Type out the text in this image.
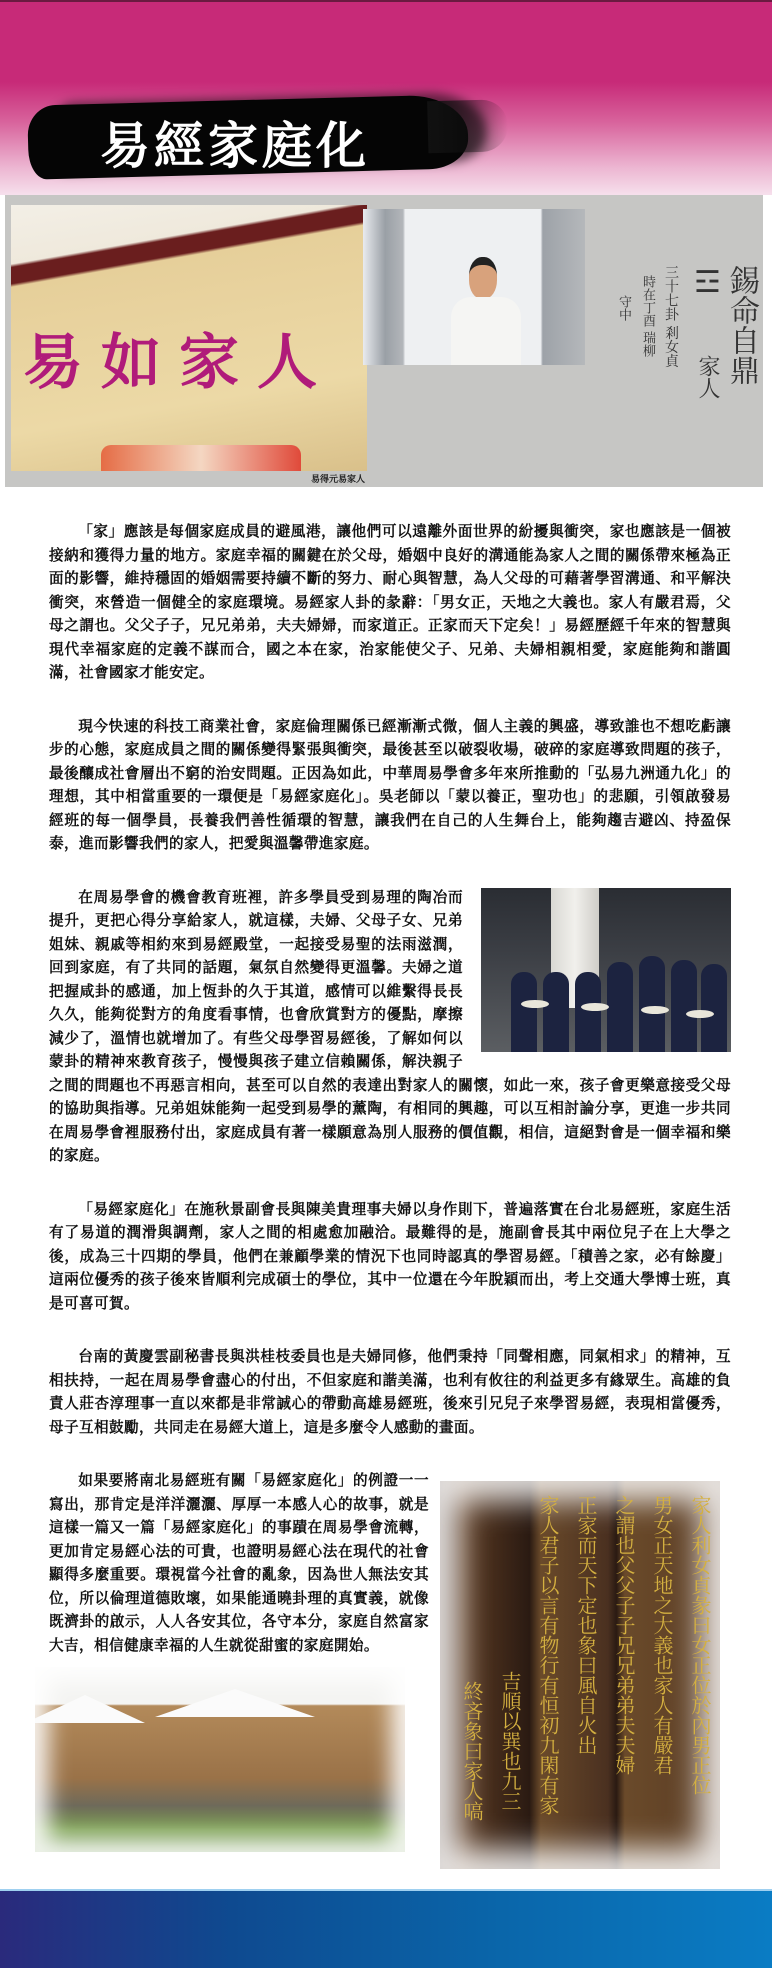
易經家庭化
易如家人
易得元易家人
錫命自鼎
☲
家人
三十七卦 剎女貞
時在丁酉 瑞柳
守中

「家」應該是每個家庭成員的避風港，讓他們可以遠離外面世界的紛擾與衝突，家也應該是一個被接納和獲得力量的地方。家庭幸福的關鍵在於父母，婚姻中良好的溝通能為家人之間的關係帶來極為正面的影響，維持穩固的婚姻需要持續不斷的努力、耐心與智慧，為人父母的可藉著學習溝通、和平解決衝突，來營造一個健全的家庭環境。易經家人卦的彖辭：「男女正，天地之大義也。家人有嚴君焉，父母之謂也。父父子子，兄兄弟弟，夫夫婦婦，而家道正。正家而天下定矣！」易經歷經千年來的智慧與現代幸福家庭的定義不謀而合，國之本在家，治家能使父子、兄弟、夫婦相親相愛，家庭能夠和諧圓滿，社會國家才能安定。

現今快速的科技工商業社會，家庭倫理關係已經漸漸式微，個人主義的興盛，導致誰也不想吃虧讓步的心態，家庭成員之間的關係變得緊張與衝突，最後甚至以破裂收場，破碎的家庭導致問題的孩子，最後釀成社會層出不窮的治安問題。正因為如此，中華周易學會多年來所推動的「弘易九洲通九化」的理想，其中相當重要的一環便是「易經家庭化」。吳老師以「蒙以養正，聖功也」的悲願，引領啟發易經班的每一個學員，長養我們善性循環的智慧，讓我們在自己的人生舞台上，能夠趨吉避凶、持盈保泰，進而影響我們的家人，把愛與溫馨帶進家庭。

在周易學會的機會教育班裡，許多學員受到易理的陶冶而提升，更把心得分享給家人，就這樣，夫婦、父母子女、兄弟姐妹、親戚等相約來到易經殿堂，一起接受易聖的法雨滋潤，回到家庭，有了共同的話題，氣氛自然變得更溫馨。夫婦之道把握咸卦的感通，加上恆卦的久于其道，感情可以維繫得長長久久，能夠從對方的角度看事情，也會欣賞對方的優點，摩擦減少了，溫情也就增加了。有些父母學習易經後，了解如何以蒙卦的精神來教育孩子，慢慢與孩子建立信賴關係，解決親子之間的問題也不再惡言相向，甚至可以自然的表達出對家人的關懷，如此一來，孩子會更樂意接受父母的協助與指導。兄弟姐妹能夠一起受到易學的薰陶，有相同的興趣，可以互相討論分享，更進一步共同在周易學會裡服務付出，家庭成員有著一樣願意為別人服務的價值觀，相信，這絕對會是一個幸福和樂的家庭。

「易經家庭化」在施秋景副會長與陳美貴理事夫婦以身作則下，普遍落實在台北易經班，家庭生活有了易道的潤滑與調劑，家人之間的相處愈加融洽。最難得的是，施副會長其中兩位兒子在上大學之後，成為三十四期的學員，他們在兼顧學業的情況下也同時認真的學習易經。「積善之家，必有餘慶」這兩位優秀的孩子後來皆順利完成碩士的學位，其中一位還在今年脫穎而出，考上交通大學博士班，真是可喜可賀。

台南的黃慶雲副秘書長與洪桂枝委員也是夫婦同修，他們秉持「同聲相應，同氣相求」的精神，互相扶持，一起在周易學會盡心的付出，不但家庭和諧美滿，也利有攸往的利益更多有緣眾生。高雄的負責人莊杏淳理事一直以來都是非常誠心的帶動高雄易經班，後來引兄兒子來學習易經，表現相當優秀，母子互相鼓勵，共同走在易經大道上，這是多麼令人感動的畫面。

如果要將南北易經班有關「易經家庭化」的例證一一寫出，那肯定是洋洋灑灑、厚厚一本感人心的故事，就是這樣一篇又一篇「易經家庭化」的事蹟在周易學會流轉，更加肯定易經心法的可貴，也證明易經心法在現代的社會顯得多麼重要。環視當今社會的亂象，因為世人無法安其位，所以倫理道德敗壞，如果能通曉卦理的真實義，就像既濟卦的啟示，人人各安其位，各守本分，家庭自然富家大吉，相信健康幸福的人生就從甜蜜的家庭開始。	家人利女貞彖曰女正位於內男正位
男女正天地之大義也家人有嚴君
之謂也父父子子兄兄弟弟夫夫婦
正家而天下定也象曰風自火出
家人君子以言有物行有恒初九閑有家
吉順以巽也九三
終吝象曰家人嗃
